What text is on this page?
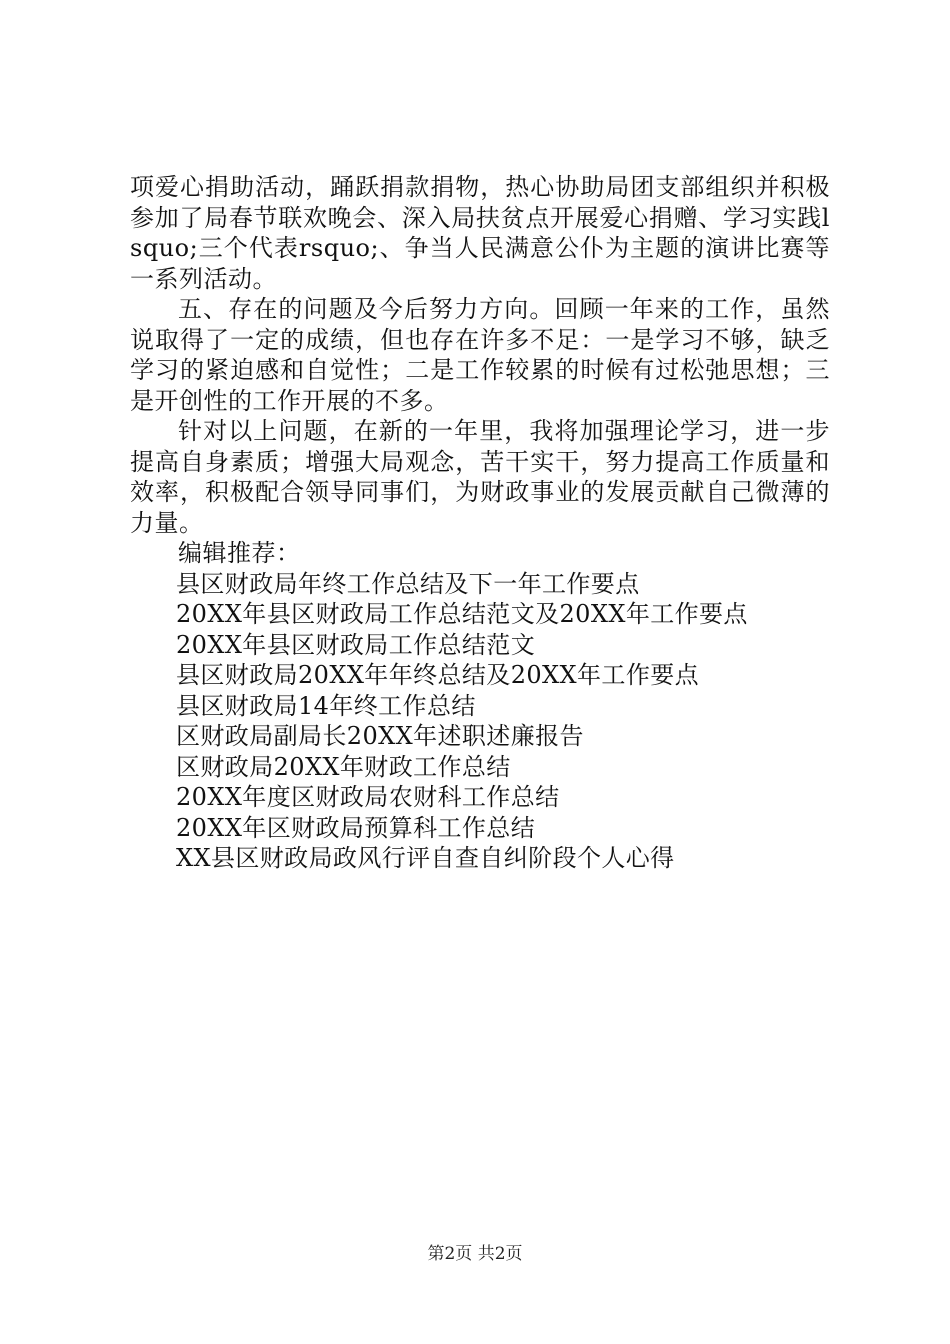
项爱心捐助活动，踊跃捐款捐物，热心协助局团支部组织并积极参加了局春节联欢晚会、深入局扶贫点开展爱心捐赠、学习实践lsquo;三个代表rsquo;、争当人民满意公仆为主题的演讲比赛等一系列活动。

五、存在的问题及今后努力方向。回顾一年来的工作，虽然说取得了一定的成绩，但也存在许多不足：一是学习不够，缺乏学习的紧迫感和自觉性；二是工作较累的时候有过松弛思想；三是开创性的工作开展的不多。

针对以上问题，在新的一年里，我将加强理论学习，进一步提高自身素质；增强大局观念，苦干实干，努力提高工作质量和效率，积极配合领导同事们，为财政事业的发展贡献自己微薄的力量。

编辑推荐：

县区财政局年终工作总结及下一年工作要点
20XX年县区财政局工作总结范文及20XX年工作要点
20XX年县区财政局工作总结范文
县区财政局20XX年年终总结及20XX年工作要点
县区财政局14年终工作总结
区财政局副局长20XX年述职述廉报告
区财政局20XX年财政工作总结
20XX年度区财政局农财科工作总结
20XX年区财政局预算科工作总结
XX县区财政局政风行评自查自纠阶段个人心得
第2页 共2页
